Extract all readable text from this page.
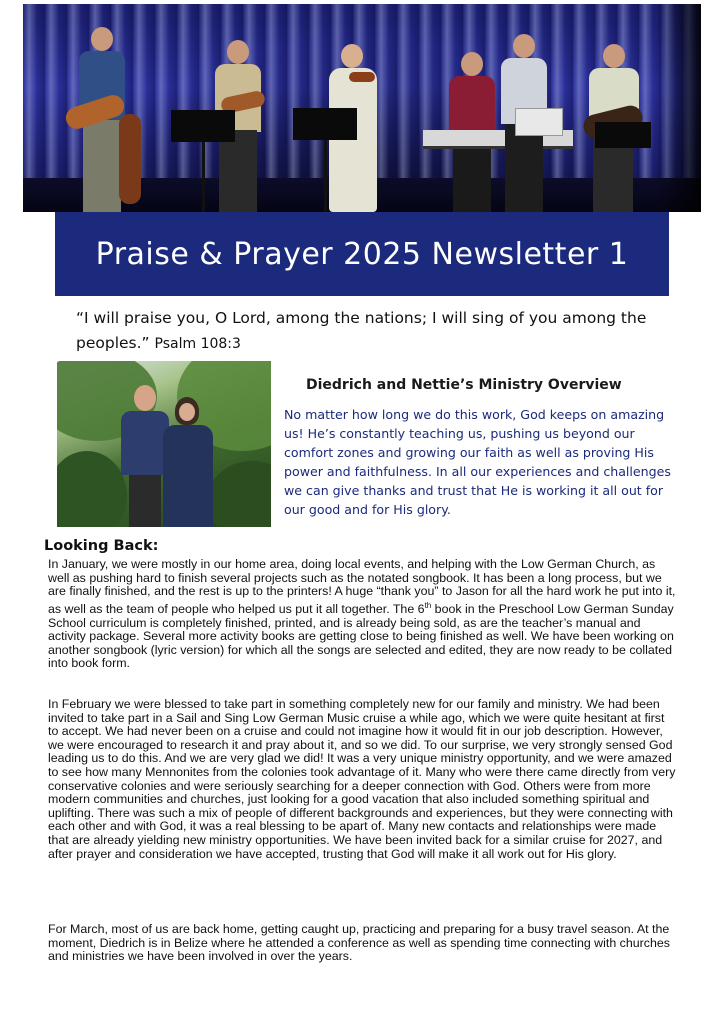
Praise & Prayer 2025 Newsletter 1
“I will praise you, O Lord, among the nations; I will sing of you among the peoples.” Psalm 108:3
Diedrich and Nettie’s Ministry Overview
No matter how long we do this work, God keeps on amazing us! He’s constantly teaching us, pushing us beyond our comfort zones and growing our faith as well as proving His power and faithfulness. In all our experiences and challenges we can give thanks and trust that He is working it all out for our good and for His glory.
Looking Back:
In January, we were mostly in our home area, doing local events, and helping with the Low German Church, as well as pushing hard to finish several projects such as the notated songbook. It has been a long process, but we are finally finished, and the rest is up to the printers! A huge “thank you” to Jason for all the hard work he put into it, as well as the team of people who helped us put it all together. The 6th book in the Preschool Low German Sunday School curriculum is completely finished, printed, and is already being sold, as are the teacher’s manual and activity package. Several more activity books are getting close to being finished as well. We have been working on another songbook (lyric version) for which all the songs are selected and edited, they are now ready to be collated into book form.
In February we were blessed to take part in something completely new for our family and ministry. We had been invited to take part in a Sail and Sing Low German Music cruise a while ago, which we were quite hesitant at first to accept. We had never been on a cruise and could not imagine how it would fit in our job description. However, we were encouraged to research it and pray about it, and so we did. To our surprise, we very strongly sensed God leading us to do this. And we are very glad we did! It was a very unique ministry opportunity, and we were amazed to see how many Mennonites from the colonies took advantage of it. Many who were there came directly from very conservative colonies and were seriously searching for a deeper connection with God. Others were from more modern communities and churches, just looking for a good vacation that also included something spiritual and uplifting. There was such a mix of people of different backgrounds and experiences, but they were connecting with each other and with God, it was a real blessing to be apart of. Many new contacts and relationships were made that are already yielding new ministry opportunities. We have been invited back for a similar cruise for 2027, and after prayer and consideration we have accepted, trusting that God will make it all work out for His glory.
For March, most of us are back home, getting caught up, practicing and preparing for a busy travel season. At the moment, Diedrich is in Belize where he attended a conference as well as spending time connecting with churches and ministries we have been involved in over the years.
